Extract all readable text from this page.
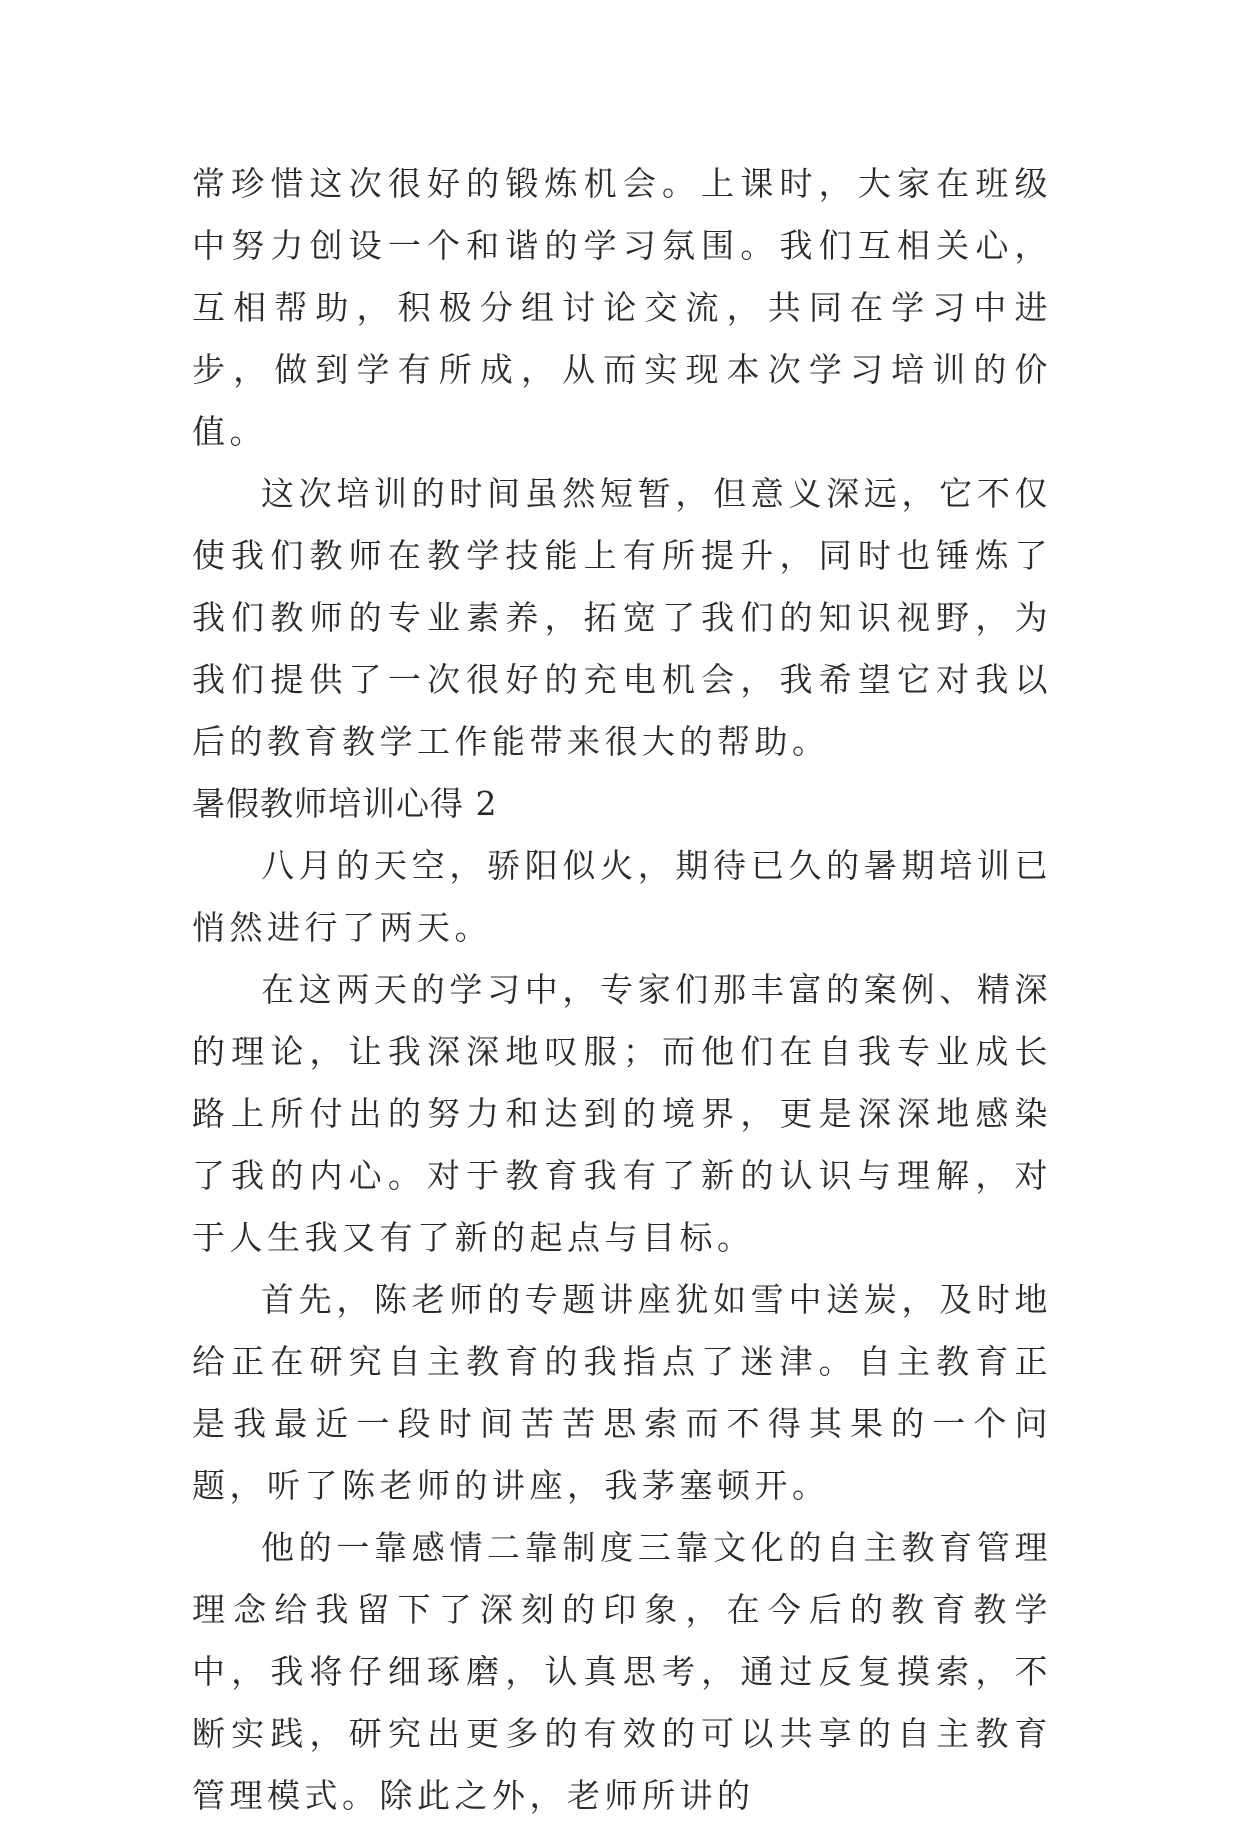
常珍惜这次很好的锻炼机会。上课时，大家在班级中努力创设一个和谐的学习氛围。我们互相关心，互相帮助，积极分组讨论交流，共同在学习中进步，做到学有所成，从而实现本次学习培训的价值。

这次培训的时间虽然短暂，但意义深远，它不仅使我们教师在教学技能上有所提升，同时也锤炼了我们教师的专业素养，拓宽了我们的知识视野，为我们提供了一次很好的充电机会，我希望它对我以后的教育教学工作能带来很大的帮助。

暑假教师培训心得 2

八月的天空，骄阳似火，期待已久的暑期培训已悄然进行了两天。

在这两天的学习中，专家们那丰富的案例、精深的理论，让我深深地叹服；而他们在自我专业成长路上所付出的努力和达到的境界，更是深深地感染了我的内心。对于教育我有了新的认识与理解，对于人生我又有了新的起点与目标。

首先，陈老师的专题讲座犹如雪中送炭，及时地给正在研究自主教育的我指点了迷津。自主教育正是我最近一段时间苦苦思索而不得其果的一个问题，听了陈老师的讲座，我茅塞顿开。

他的一靠感情二靠制度三靠文化的自主教育管理理念给我留下了深刻的印象，在今后的教育教学中，我将仔细琢磨，认真思考，通过反复摸索，不断实践，研究出更多的有效的可以共享的自主教育管理模式。除此之外，老师所讲的
